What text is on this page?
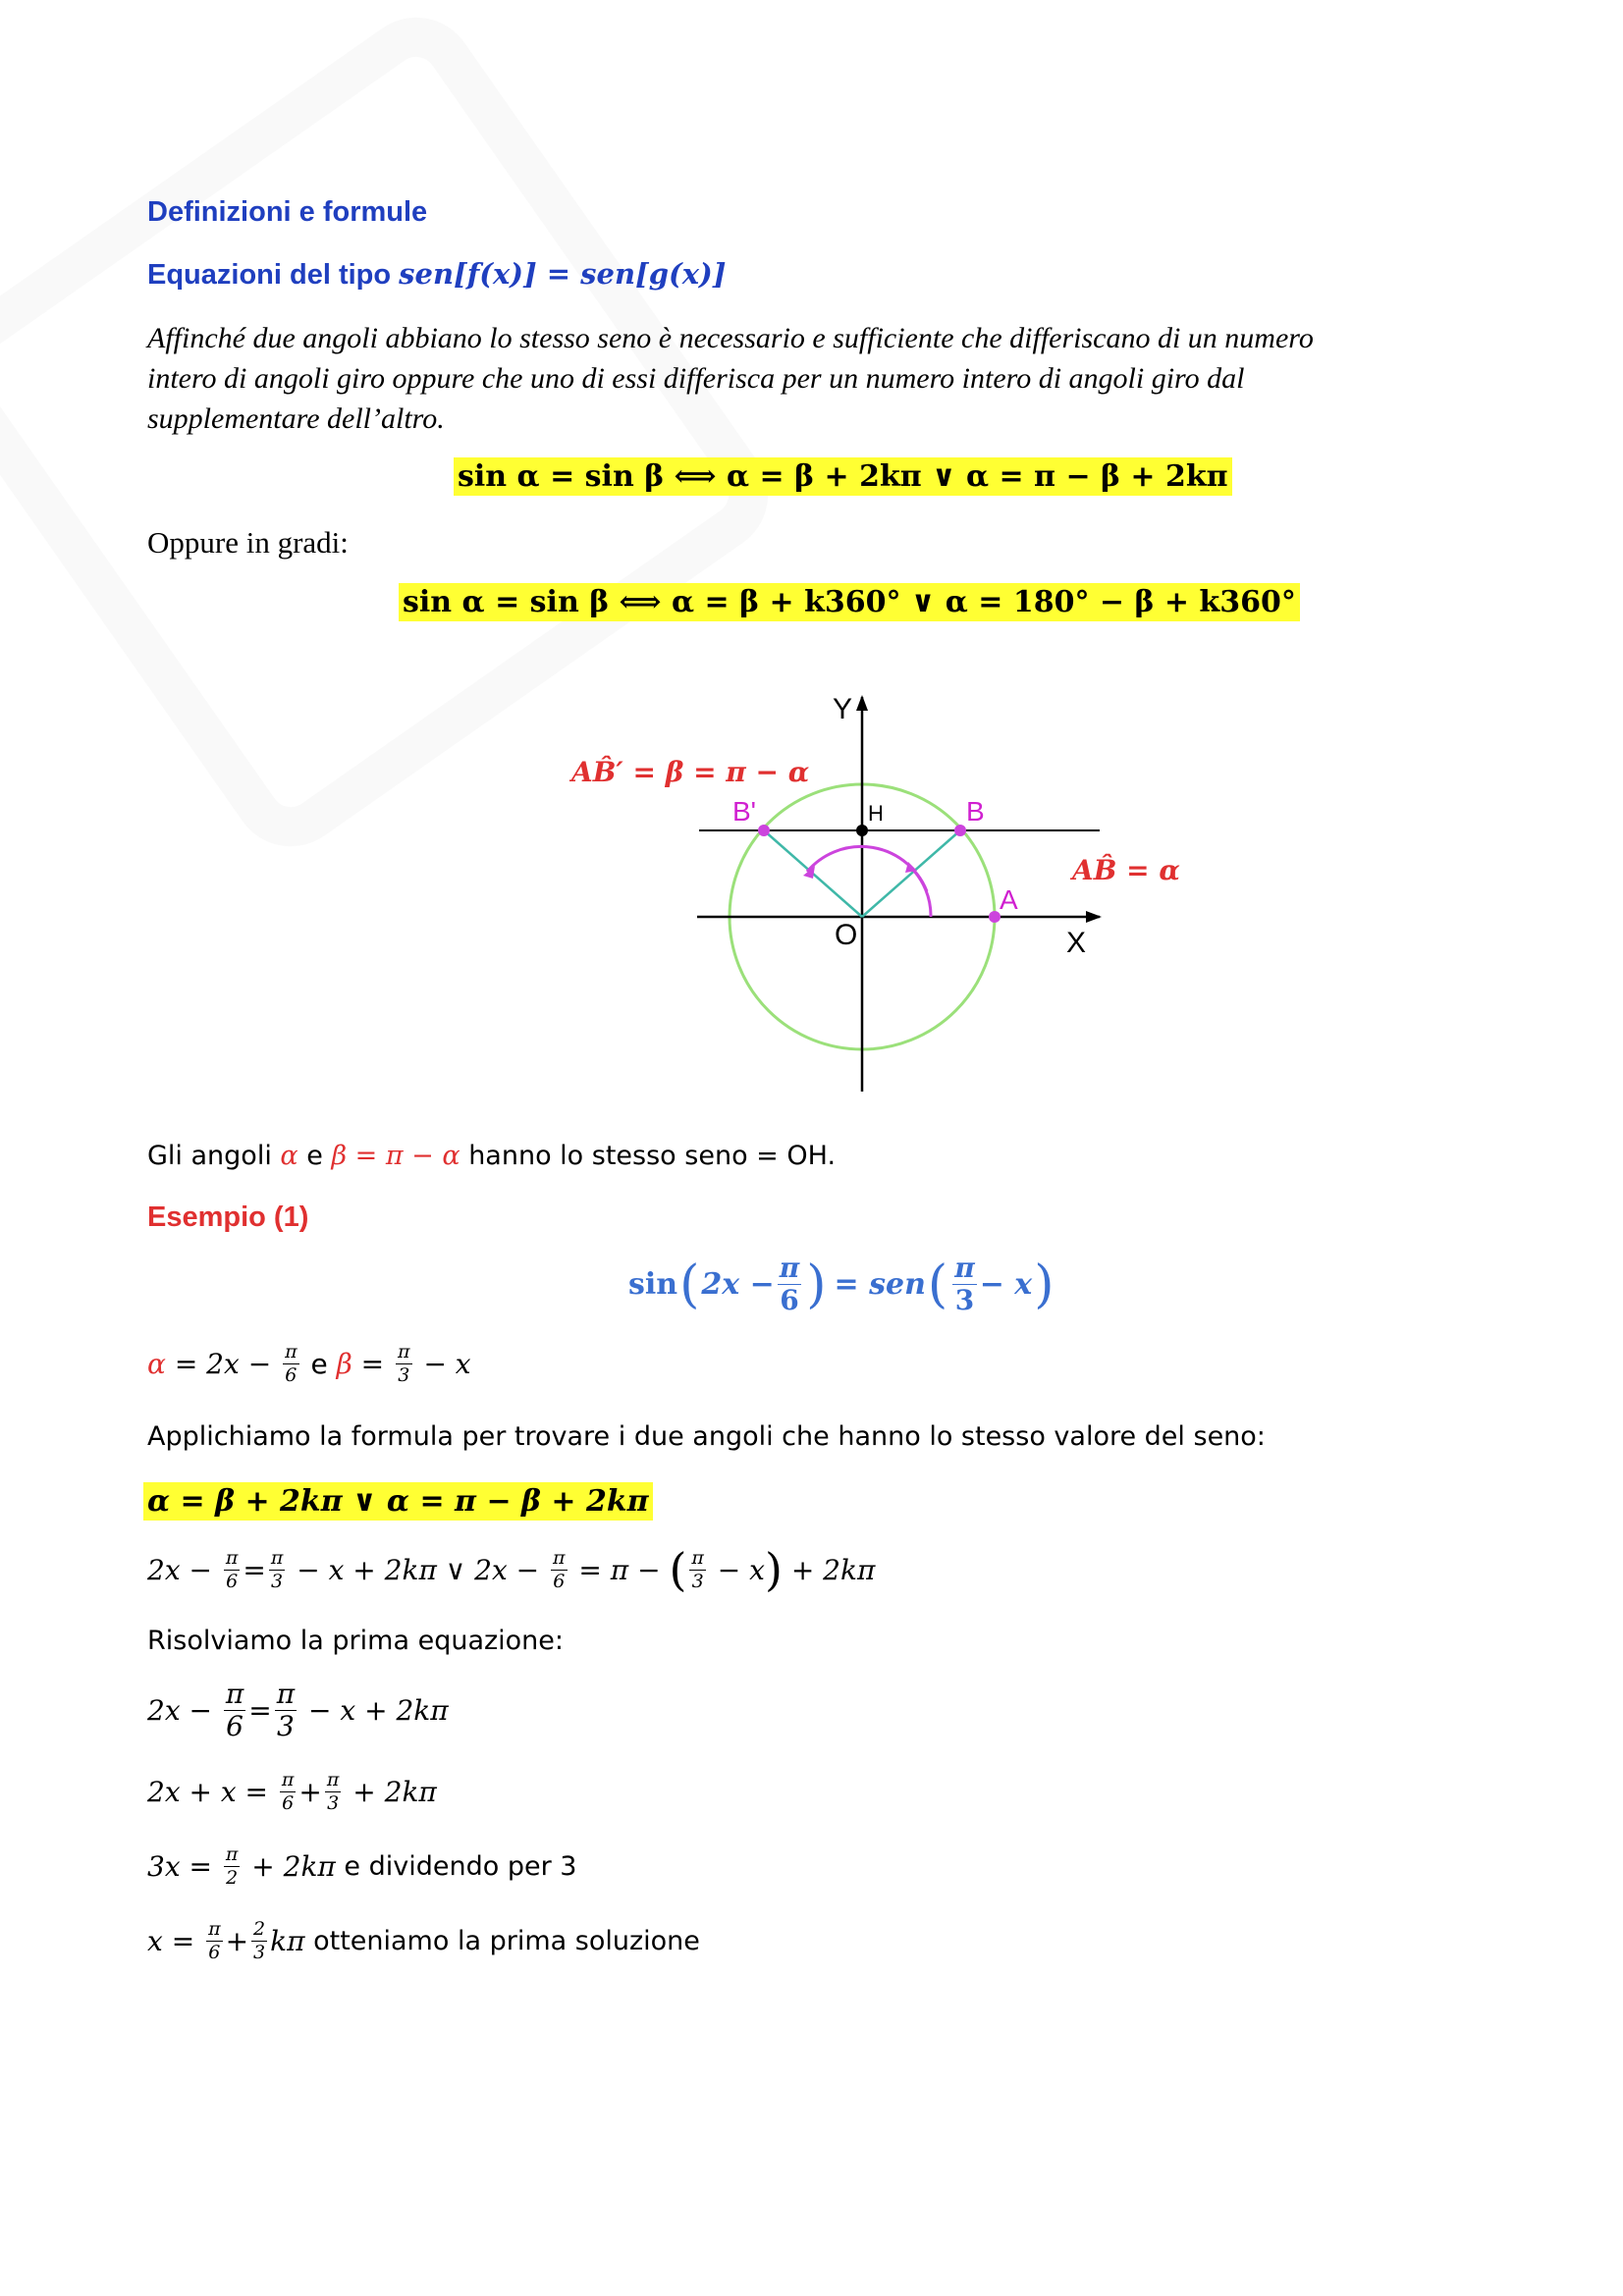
Definizioni e formule
Equazioni del tipo sen[f(x)] = sen[g(x)]
Affinché due angoli abbiano lo stesso seno è necessario e sufficiente che differiscano di un numero
intero di angoli giro oppure che uno di essi differisca per un numero intero di angoli giro dal
supplementare dell’altro.
sin α = sin β ⟺ α = β + 2kπ ∨ α = π − β + 2kπ
Oppure in gradi:
sin α = sin β ⟺ α = β + k360° ∨ α = 180° − β + k360°
Y
X
O
H
A
B
B'
AB̂′ = β = π − α
AB̂ = α
Gli angoli α e β = π − α hanno lo stesso seno = OH.
Esempio (1)
sin ( $2x - \frac{\pi}{6}$ ) = sen ( $\frac{\pi}{3} - x$ )
$\alpha = 2x - \frac{\pi}{6}$ e $\beta = \frac{\pi}{3} - x$
Applichiamo la formula per trovare i due angoli che hanno lo stesso valore del seno:
α = β + 2kπ ∨ α = π − β + 2kπ
$2x - \frac{\pi}{6} = \frac{\pi}{3} - x + 2k\pi$ ∨ $2x - \frac{\pi}{6} = \pi$ − ( $\frac{\pi}{3} - x$ ) + 2kπ
Risolviamo la prima equazione:
$2x - \frac{\pi}{6} = \frac{\pi}{3} - x + 2k\pi$
$2x + x = \frac{\pi}{6} + \frac{\pi}{3} + 2k\pi$
$3x = \frac{\pi}{2} + 2k\pi$ e dividendo per 3
$x = \frac{\pi}{6} + \frac{2}{3}$ kπ otteniamo la prima soluzione
